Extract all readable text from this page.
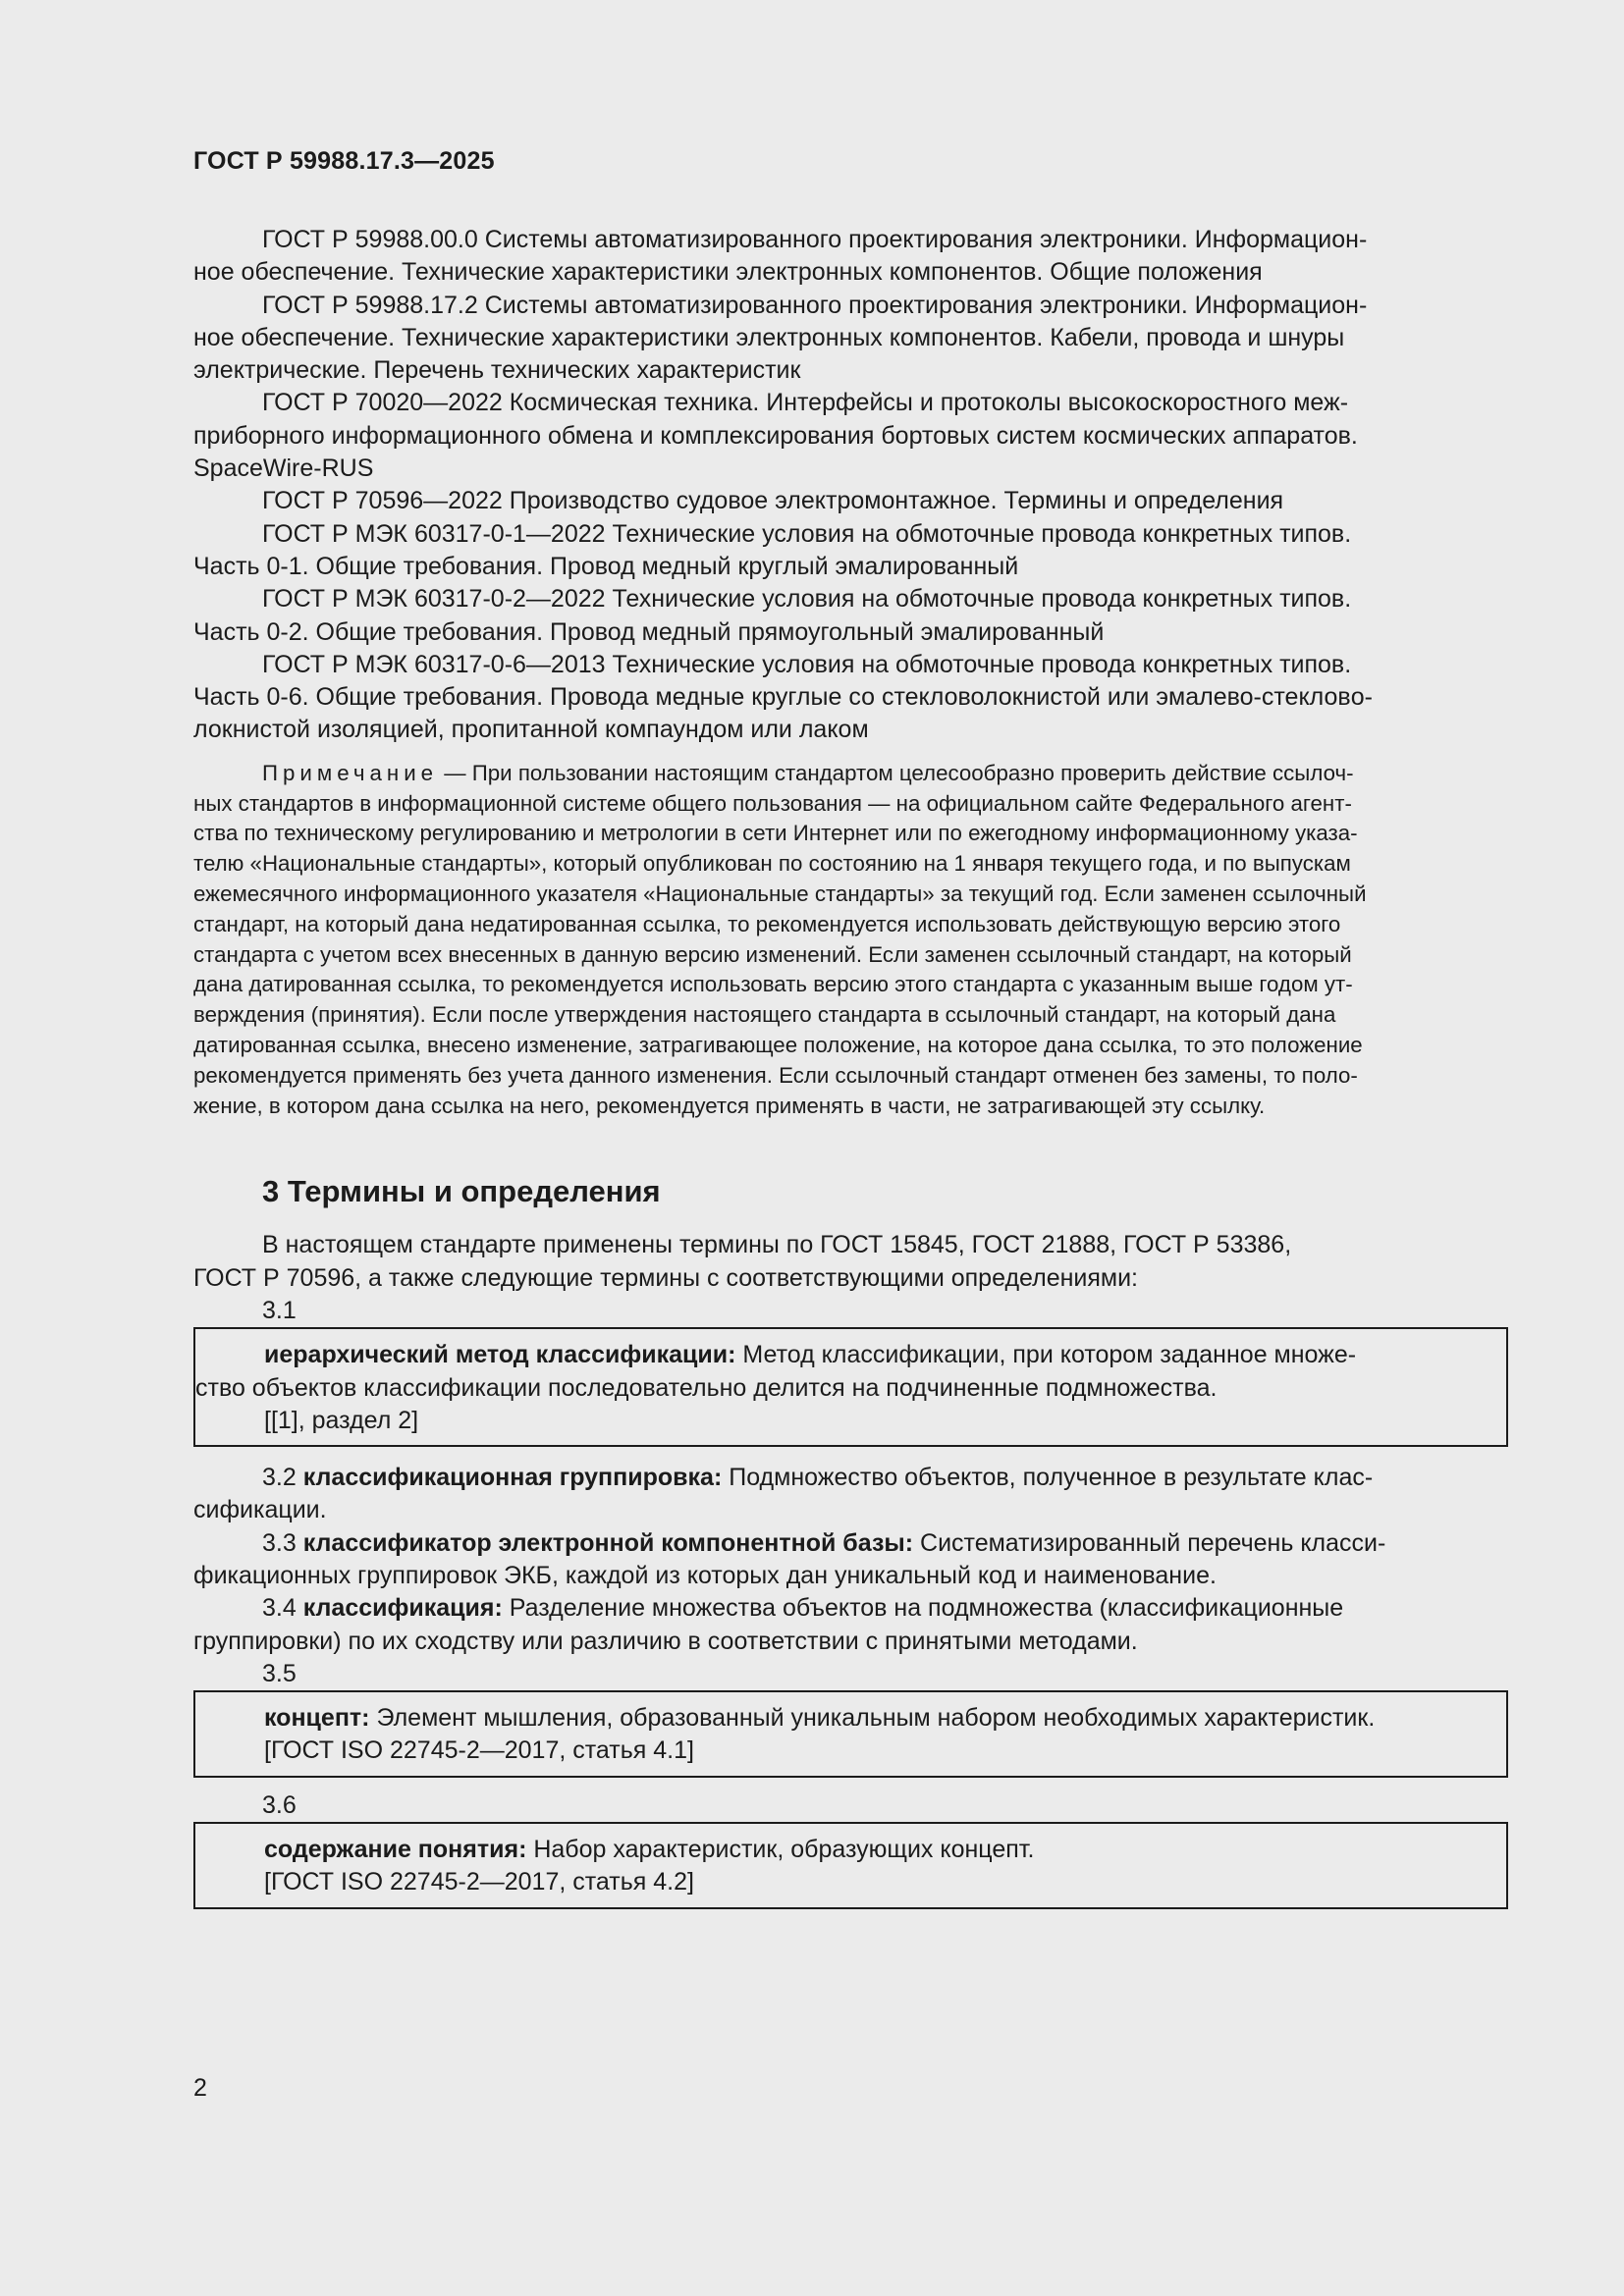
ГОСТ Р 59988.17.3—2025

ГОСТ Р 59988.00.0 Системы автоматизированного проектирования электроники. Информацион-
ное обеспечение. Технические характеристики электронных компонентов. Общие положения

ГОСТ Р 59988.17.2 Системы автоматизированного проектирования электроники. Информацион-
ное обеспечение. Технические характеристики электронных компонентов. Кабели, провода и шнуры
электрические. Перечень технических характеристик

ГОСТ Р 70020—2022 Космическая техника. Интерфейсы и протоколы высокоскоростного меж-
приборного информационного обмена и комплексирования бортовых систем космических аппаратов.
SpaceWire-RUS

ГОСТ Р 70596—2022 Производство судовое электромонтажное. Термины и определения

ГОСТ Р МЭК 60317-0-1—2022 Технические условия на обмоточные провода конкретных типов.
Часть 0-1. Общие требования. Провод медный круглый эмалированный

ГОСТ Р МЭК 60317-0-2—2022 Технические условия на обмоточные провода конкретных типов.
Часть 0-2. Общие требования. Провод медный прямоугольный эмалированный

ГОСТ Р МЭК 60317-0-6—2013 Технические условия на обмоточные провода конкретных типов.
Часть 0-6. Общие требования. Провода медные круглые со стекловолокнистой или эмалево-стекловo-
локнистой изоляцией, пропитанной компаундом или лаком

Примечание — При пользовании настоящим стандартом целесообразно проверить действие ссылоч-
ных стандартов в информационной системе общего пользования — на официальном сайте Федерального агент-
ства по техническому регулированию и метрологии в сети Интернет или по ежегодному информационному указа-
телю «Национальные стандарты», который опубликован по состоянию на 1 января текущего года, и по выпускам
ежемесячного информационного указателя «Национальные стандарты» за текущий год. Если заменен ссылочный
стандарт, на который дана недатированная ссылка, то рекомендуется использовать действующую версию этого
стандарта с учетом всех внесенных в данную версию изменений. Если заменен ссылочный стандарт, на который
дана датированная ссылка, то рекомендуется использовать версию этого стандарта с указанным выше годом ут-
верждения (принятия). Если после утверждения настоящего стандарта в ссылочный стандарт, на который дана
датированная ссылка, внесено изменение, затрагивающее положение, на которое дана ссылка, то это положение
рекомендуется применять без учета данного изменения. Если ссылочный стандарт отменен без замены, то поло-
жение, в котором дана ссылка на него, рекомендуется применять в части, не затрагивающей эту ссылку.

3 Термины и определения

В настоящем стандарте применены термины по ГОСТ 15845, ГОСТ 21888, ГОСТ Р 53386,
ГОСТ Р 70596, а также следующие термины с соответствующими определениями:

3.1

иерархический метод классификации: Метод классификации, при котором заданное множе-
ство объектов классификации последовательно делится на подчиненные подмножества.

[[1], раздел 2]

3.2 классификационная группировка: Подмножество объектов, полученное в результате клас-
сификации.

3.3 классификатор электронной компонентной базы: Систематизированный перечень класси-
фикационных группировок ЭКБ, каждой из которых дан уникальный код и наименование.

3.4 классификация: Разделение множества объектов на подмножества (классификационные
группировки) по их сходству или различию в соответствии с принятыми методами.

3.5

концепт: Элемент мышления, образованный уникальным набором необходимых характеристик.

[ГОСТ ISO 22745-2—2017, статья 4.1]
3.6

содержание понятия: Набор характеристик, образующих концепт.

[ГОСТ ISO 22745-2—2017, статья 4.2]
2
